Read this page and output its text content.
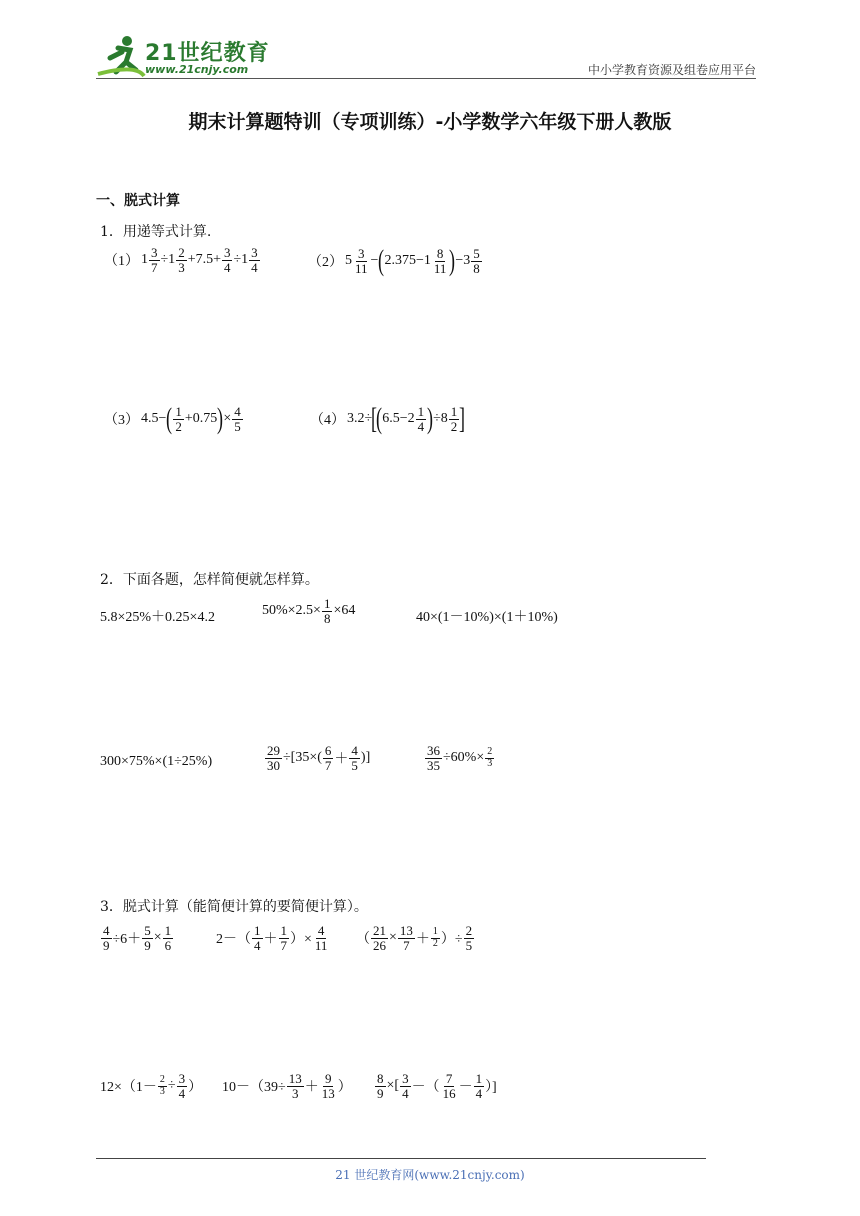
21世纪教育
www.21cnjy.com	中小学教育资源及组卷应用平台
期末计算题特训（专项训练）-小学数学六年级下册人教版
一、脱式计算
1．用递等式计算.
（1） $1 \frac{3}{7} \div 1 \frac{2}{3} +7.5+ \frac{3}{4} \div 1 \frac{3}{4}$	（2） $5 \frac{3}{11}$ − ( $2.375-1 \frac{8}{11}$ ) $-3 \frac{5}{8}$
（3） 4.5− ( $\frac{1}{2} +0.75$ ) × $\frac{4}{5}$	（4） 3.2÷ [ ( $6.5-2 \frac{1}{4}$ ) $\div 8 \frac{1}{2}$ ]
2．下面各题，怎样简便就怎样算。
5.8×25%＋0.25×4.2	$50\%\times 2.5\times \frac{1}{8} \times 64$	40×(1－10%)×(1＋10%)
300×75%×(1÷25%)	$\frac{29}{30} \div[35\times( \frac{6}{7} + \frac{4}{5}$ )]	$\frac{36}{35} \div 60\%\times \frac{2}{3}$
3．脱式计算（能简便计算的要简便计算）。
$\frac{4}{9} \div 6+ \frac{5}{9} \times \frac{1}{6}$	$2-( \frac{1}{4} + \frac{1}{7}$ ）× $\frac{4}{11}$ （ $\frac{21}{26} \times \frac{13}{7} + \frac{1}{2}$ ）÷ $\frac{2}{5}$
$12\times(1- \frac{2}{3} \div \frac{3}{4}$ ） $10-(39\div \frac{13}{3} + \frac{9}{13}$ ） $\frac{8}{9}$ ×[ $\frac{3}{4}$ －（ $\frac{7}{16} - \frac{1}{4}$ ）]
21 世纪教育网(www.21cnjy.com)
